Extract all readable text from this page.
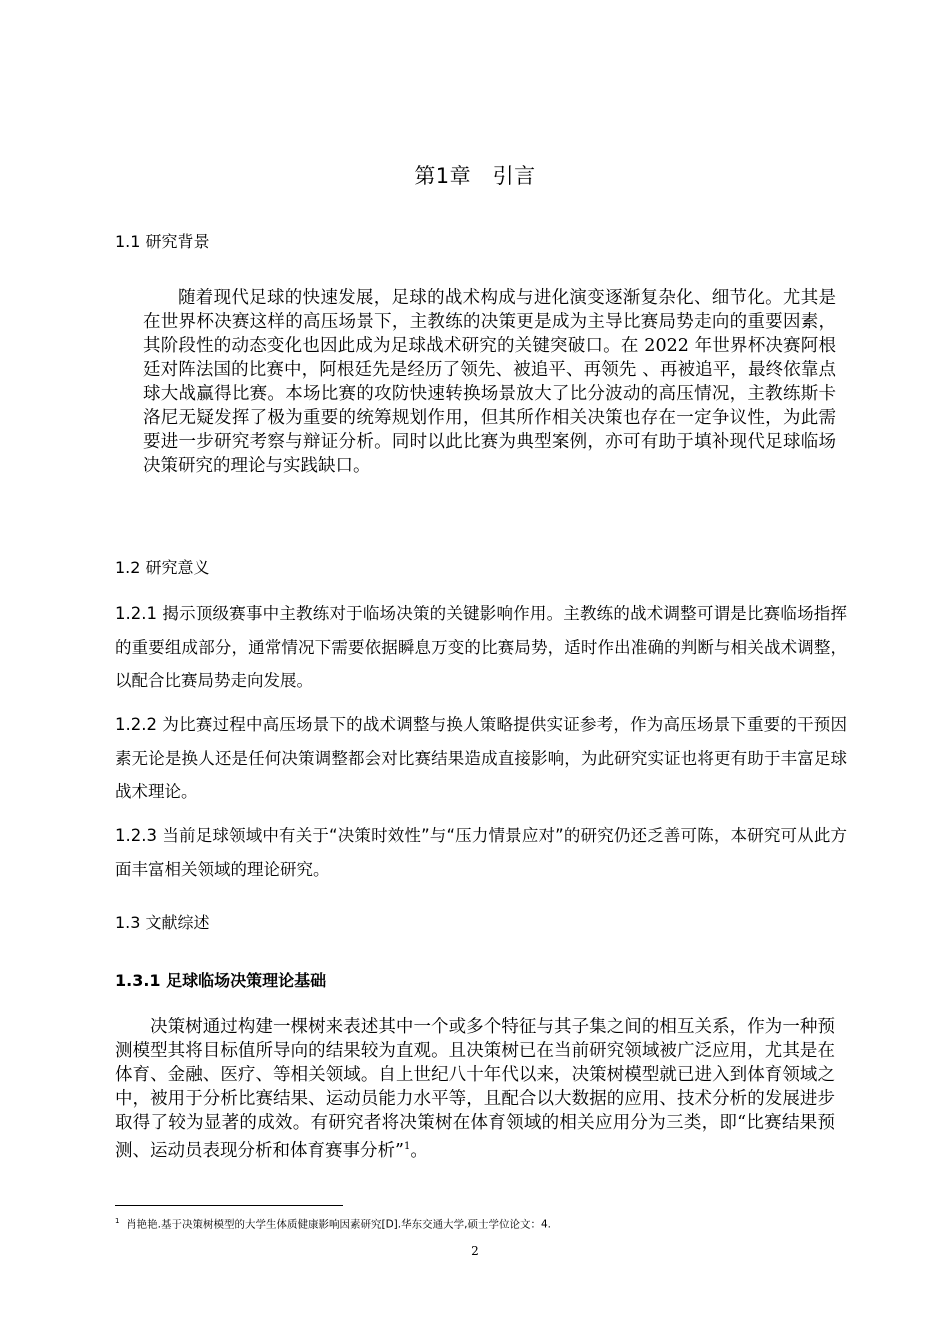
第1章　引言
1.1 研究背景

随着现代足球的快速发展，足球的战术构成与进化演变逐渐复杂化、细节化。尤其是在世界杯决赛这样的高压场景下，主教练的决策更是成为主导比赛局势走向的重要因素，其阶段性的动态变化也因此成为足球战术研究的关键突破口。在 2022 年世界杯决赛阿根廷对阵法国的比赛中，阿根廷先是经历了领先、被追平、再领先 、再被追平，最终依靠点球大战赢得比赛。本场比赛的攻防快速转换场景放大了比分波动的高压情况，主教练斯卡洛尼无疑发挥了极为重要的统筹规划作用，但其所作相关决策也存在一定争议性，为此需要进一步研究考察与辩证分析。同时以此比赛为典型案例，亦可有助于填补现代足球临场决策研究的理论与实践缺口。

1.2 研究意义

1.2.1 揭示顶级赛事中主教练对于临场决策的关键影响作用。主教练的战术调整可谓是比赛临场指挥的重要组成部分，通常情况下需要依据瞬息万变的比赛局势，适时作出准确的判断与相关战术调整，以配合比赛局势走向发展。

1.2.2 为比赛过程中高压场景下的战术调整与换人策略提供实证参考，作为高压场景下重要的干预因素无论是换人还是任何决策调整都会对比赛结果造成直接影响，为此研究实证也将更有助于丰富足球战术理论。

1.2.3 当前足球领域中有关于“决策时效性”与“压力情景应对”的研究仍还乏善可陈，本研究可从此方面丰富相关领域的理论研究。

1.3 文献综述
1.3.1 足球临场决策理论基础

决策树通过构建一棵树来表述其中一个或多个特征与其子集之间的相互关系，作为一种预测模型其将目标值所导向的结果较为直观。且决策树已在当前研究领域被广泛应用，尤其是在体育、金融、医疗、等相关领域。自上世纪八十年代以来，决策树模型就已进入到体育领域之中，被用于分析比赛结果、运动员能力水平等，且配合以大数据的应用、技术分析的发展进步取得了较为显著的成效。有研究者将决策树在体育领域的相关应用分为三类，即“比赛结果预测、运动员表现分析和体育赛事分析”$^1$。

$^1$ 肖艳艳.基于决策树模型的大学生体质健康影响因素研究[D].华东交通大学,硕士学位论文：4.
2
